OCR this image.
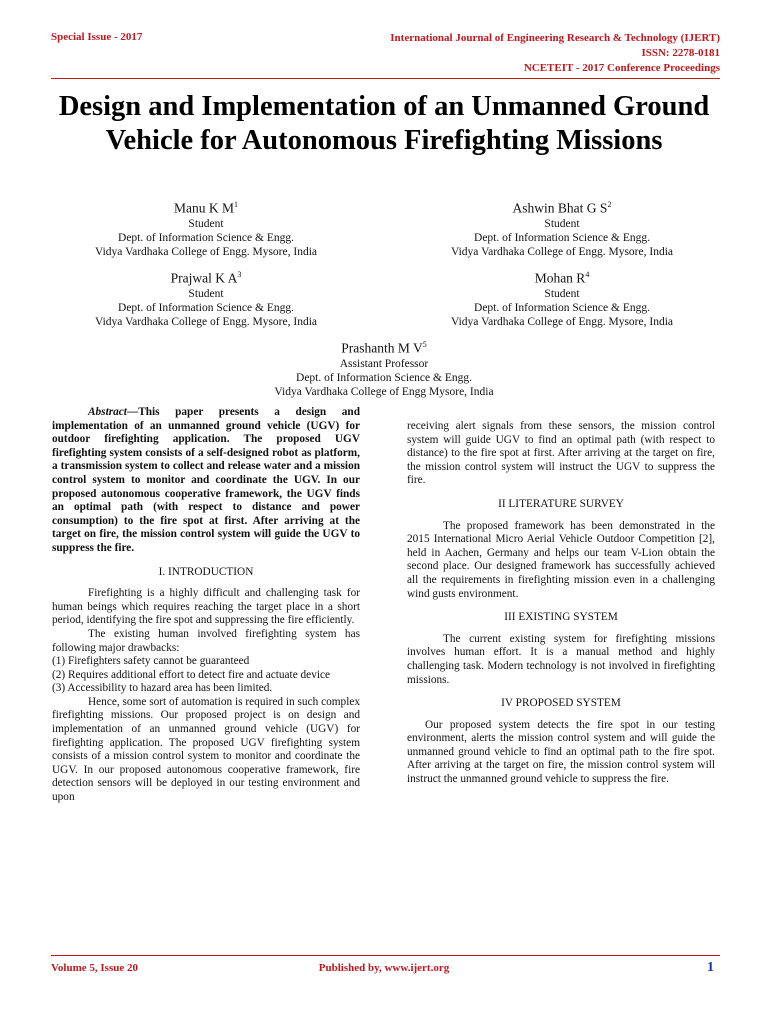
Special Issue - 2017	International Journal of Engineering Research & Technology (IJERT)
ISSN: 2278-0181
NCETEIT - 2017 Conference Proceedings
Design and Implementation of an Unmanned Ground Vehicle for Autonomous Firefighting Missions
Manu K $M^1$
Student
Dept. of Information Science & Engg.
Vidya Vardhaka College of Engg. Mysore, India
Ashwin Bhat G $S^2$
Student
Dept. of Information Science & Engg.
Vidya Vardhaka College of Engg. Mysore, India
Prajwal K $A^3$
Student
Dept. of Information Science & Engg.
Vidya Vardhaka College of Engg. Mysore, India
Mohan $R^4$
Student
Dept. of Information Science & Engg.
Vidya Vardhaka College of Engg. Mysore, India
Prashanth M $V^5$
Assistant Professor
Dept. of Information Science & Engg.
Vidya Vardhaka College of Engg Mysore, India

Abstract—This paper presents a design and implementation of an unmanned ground vehicle (UGV) for outdoor firefighting application. The proposed UGV firefighting system consists of a self-designed robot as platform, a transmission system to collect and release water and a mission control system to monitor and coordinate the UGV. In our proposed autonomous cooperative framework, the UGV finds an optimal path (with respect to distance and power consumption) to the fire spot at first. After arriving at the target on fire, the mission control system will guide the UGV to suppress the fire.

I. INTRODUCTION

Firefighting is a highly difficult and challenging task for human beings which requires reaching the target place in a short period, identifying the fire spot and suppressing the fire efficiently.

The existing human involved firefighting system has following major drawbacks:

(1) Firefighters safety cannot be guaranteed

(2) Requires additional effort to detect fire and actuate device

(3) Accessibility to hazard area has been limited.

Hence, some sort of automation is required in such complex firefighting missions. Our proposed project is on design and implementation of an unmanned ground vehicle (UGV) for firefighting application. The proposed UGV firefighting system consists of a mission control system to monitor and coordinate the UGV. In our proposed autonomous cooperative framework, fire detection sensors will be deployed in our testing environment and upon

receiving alert signals from these sensors, the mission control system will guide UGV to find an optimal path (with respect to distance) to the fire spot at first. After arriving at the target on fire, the mission control system will instruct the UGV to suppress the fire.

II LITERATURE SURVEY

The proposed framework has been demonstrated in the 2015 International Micro Aerial Vehicle Outdoor Competition [2], held in Aachen, Germany and helps our team V-Lion obtain the second place. Our designed framework has successfully achieved all the requirements in firefighting mission even in a challenging wind gusts environment.

III EXISTING SYSTEM

The current existing system for firefighting missions involves human effort. It is a manual method and highly challenging task. Modern technology is not involved in firefighting missions.

IV PROPOSED SYSTEM

Our proposed system detects the fire spot in our testing environment, alerts the mission control system and will guide the unmanned ground vehicle to find an optimal path to the fire spot. After arriving at the target on fire, the mission control system will instruct the unmanned ground vehicle to suppress the fire.

Volume 5, Issue 20	Published by, www.ijert.org	1
